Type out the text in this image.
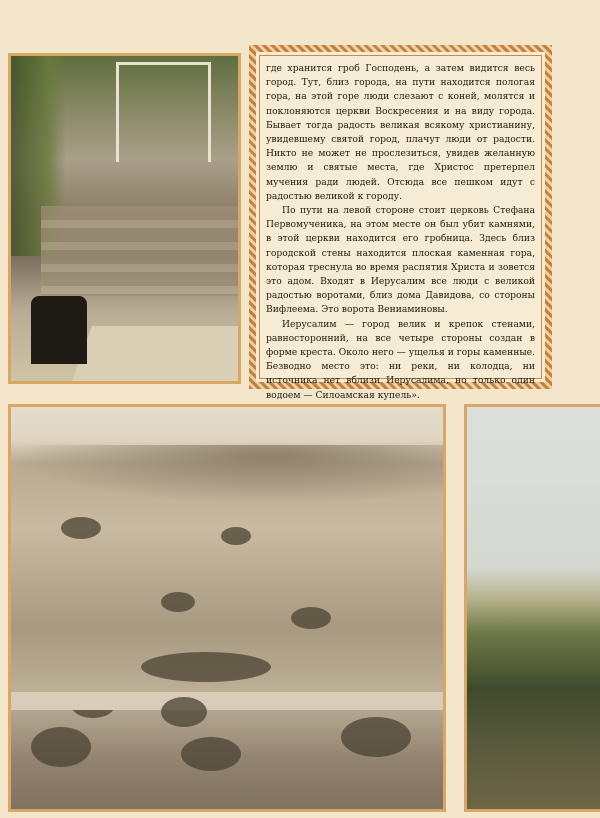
где хранится гроб Господень, а затем видится весь город. Тут, близ города, на пути находится пологая гора, на этой горе люди слезают с коней, молятся и поклоняются церкви Воскресения и на виду города. Бывает тогда радость великая всякому христианину, увидевшему святой город, плачут люди от радости. Никто не может не прослезиться, увидев желанную землю и святые места, где Христос претерпел мучения ради людей. Отсюда все пешком идут с радостью великой к городу.

По пути на левой стороне стоит церковь Стефана Первомученика, на этом месте он был убит камнями, в этой церкви находится его гробница. Здесь близ городской стены находится плоская каменная гора, которая треснула во время распятия Христа и зовется это адом. Входят в Иерусалим все люди с великой радостью воротами, близ дома Давидова, со стороны Вифлеема. Это ворота Вениаминовы.

Иерусалим — город велик и крепок стенами, равносторонний, на все четыре стороны создан в форме креста. Около него — ущелья и горы каменные. Безводно место это: ни реки, ни колодца, ни источника нет вблизи Иерусалима, но только один водоем — Силоамская купель».
